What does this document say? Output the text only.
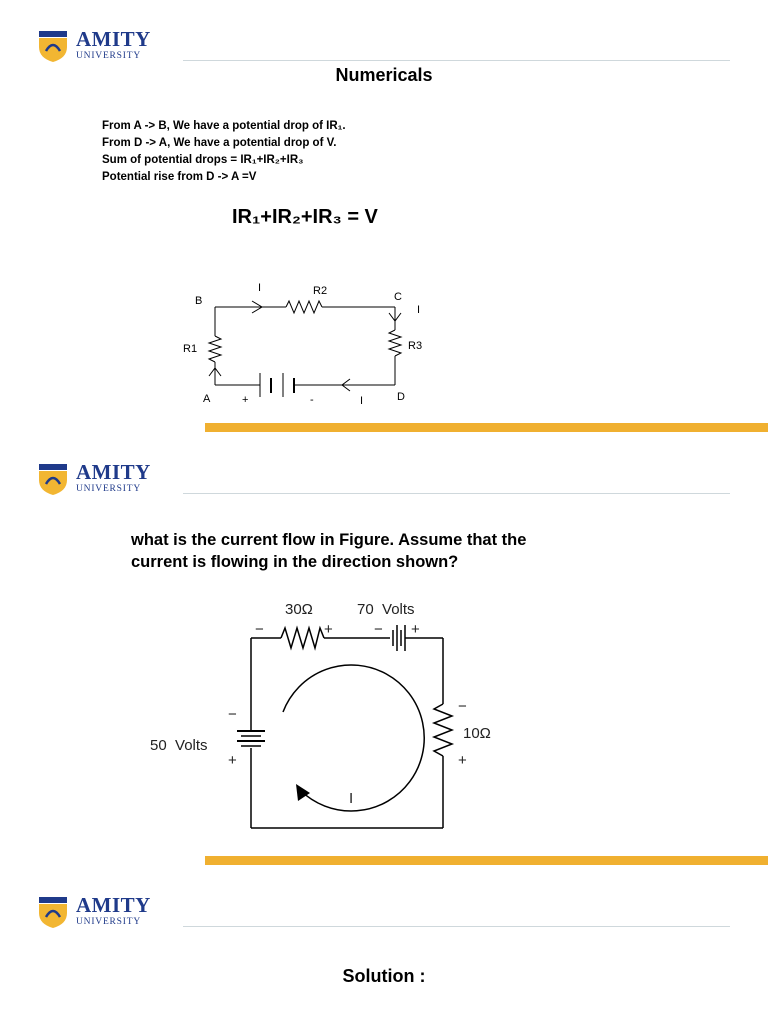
AMITY
UNIVERSITY
Numericals
From A -> B, We have a potential drop of IR₁.
From D -> A, We have a potential drop of V.
Sum of potential drops = IR₁+IR₂+IR₃
Potential rise from D -> A =V
IR₁+IR₂+IR₃ = V
B	C
A	D
R1
R2
R3
I
I
I
+	-
AMITY
UNIVERSITY
what is the current flow in Figure. Assume that the
current is flowing in the direction shown?
30Ω	70  Volts
50  Volts
10Ω
I
−	+	− +
−
+
−
+
AMITY
UNIVERSITY
Solution :
